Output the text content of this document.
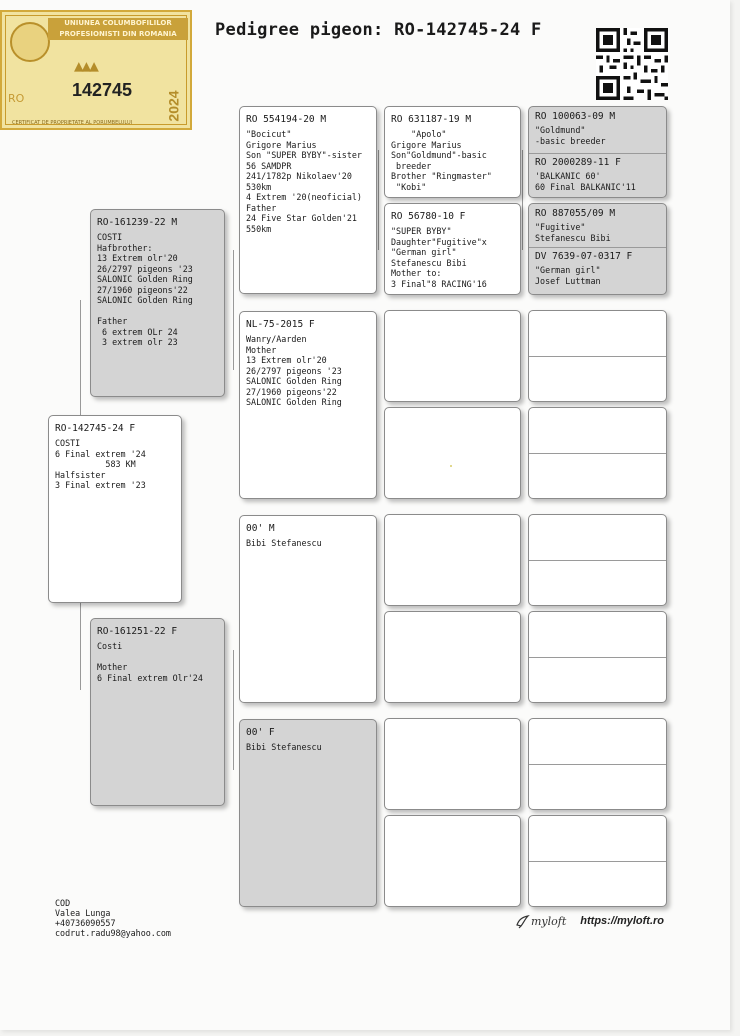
UNIUNEA COLUMBOFILILOR PROFESIONISTI DIN ROMANIA
▲▲▲
RO	142745
2024
CERTIFICAT DE PROPRIETATE AL PORUMBELULUI
Pedigree pigeon: RO-142745-24 F
RO-142745-24 F
COSTI
6 Final extrem '24
583 KM
Halfsister
3 Final extrem '23
RO-161239-22 M
COSTI
Hafbrother:
13 Extrem olr'20
26/2797 pigeons '23
SALONIC Golden Ring
27/1960 pigeons'22
SALONIC Golden Ring

Father
6 extrem OLr 24
3 extrem olr 23
RO-161251-22 F
Costi

Mother
6 Final extrem Olr'24
RO 554194-20 M
"Bocicut"
Grigore Marius
Son "SUPER BYBY"-sister
56 SAMDPR
241/1782p Nikolaev'20
530km
4 Extrem '20(neoficial)
Father
24 Five Star Golden'21
550km
NL-75-2015 F
Wanry/Aarden
Mother
13 Extrem olr'20
26/2797 pigeons '23
SALONIC Golden Ring
27/1960 pigeons'22
SALONIC Golden Ring
00' M
Bibi Stefanescu
00' F
Bibi Stefanescu
RO 631187-19 M
"Apolo"
Grigore Marius
Son"Goldmund"-basic
breeder
Brother "Ringmaster"
"Kobi"
RO 56780-10 F
"SUPER BYBY"
Daughter"Fugitive"x
"German girl"
Stefanescu Bibi
Mother to:
3 Final"8 RACING'16
RO 100063-09 M
"Goldmund"
-basic breeder
RO 2000289-11 F
'BALKANIC 60'
60 Final BALKANIC'11
RO 887055/09 M
"Fugitive"
Stefanescu Bibi
DV 7639-07-0317 F
"German girl"
Josef Luttman
COD
Valea Lunga
+40736090557
codrut.radu98@yahoo.com
myloft https://myloft.ro
